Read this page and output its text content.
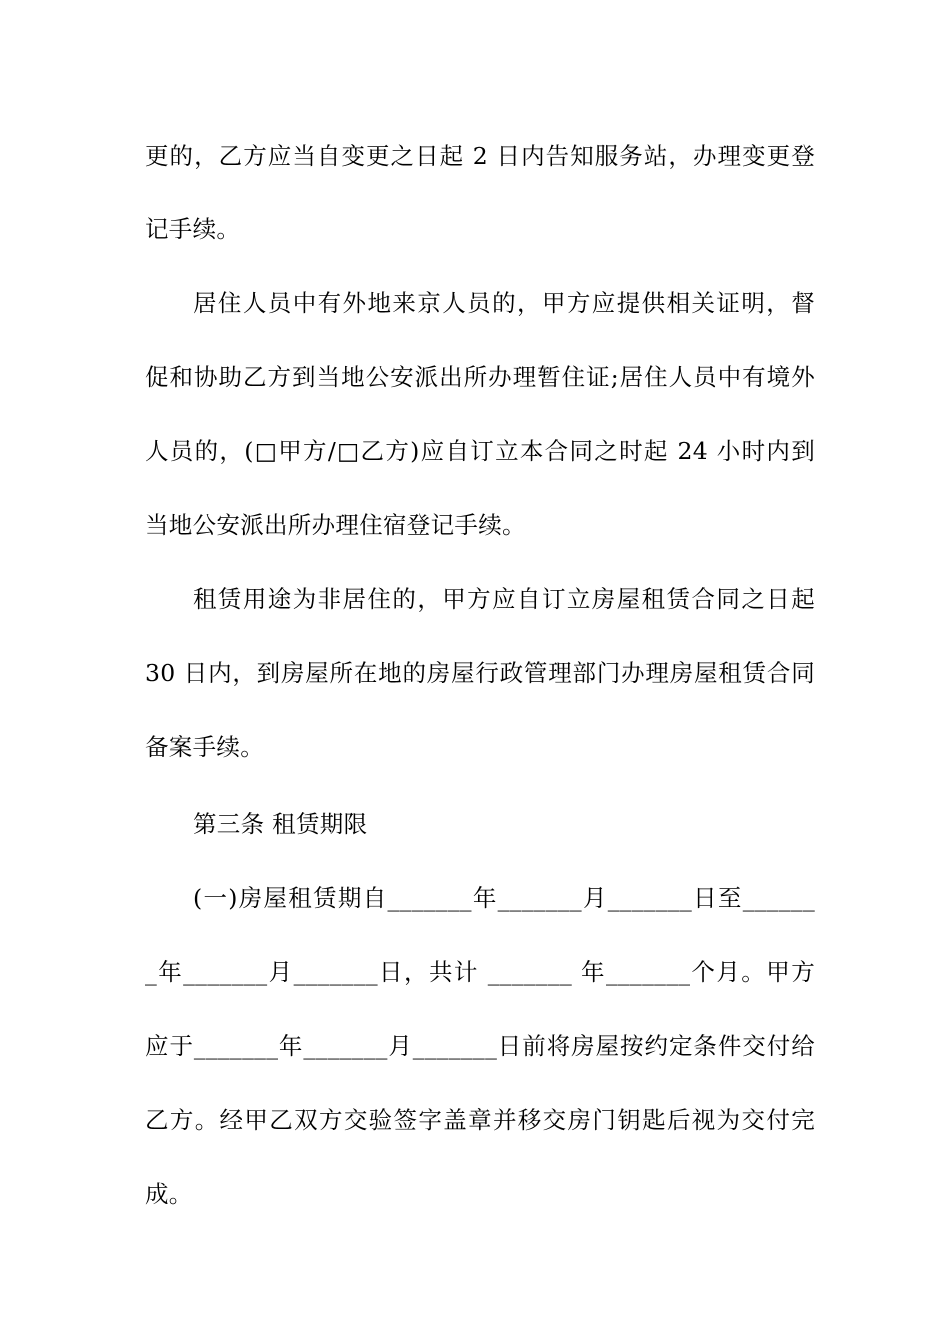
更的，乙方应当自变更之日起 2 日内告知服务站，办理变更登
记手续。
居住人员中有外地来京人员的，甲方应提供相关证明，督
促和协助乙方到当地公安派出所办理暂住证;居住人员中有境外
人员的，(□甲方/□乙方)应自订立本合同之时起 24 小时内到
当地公安派出所办理住宿登记手续。
租赁用途为非居住的，甲方应自订立房屋租赁合同之日起
30 日内，到房屋所在地的房屋行政管理部门办理房屋租赁合同
备案手续。
第三条 租赁期限
(一)房屋租赁期自_______年_______月_______日至______
_年_______月_______日，共计 _______ 年_______个月。甲方
应于_______年_______月_______日前将房屋按约定条件交付给
乙方。经甲乙双方交验签字盖章并移交房门钥匙后视为交付完
成。
